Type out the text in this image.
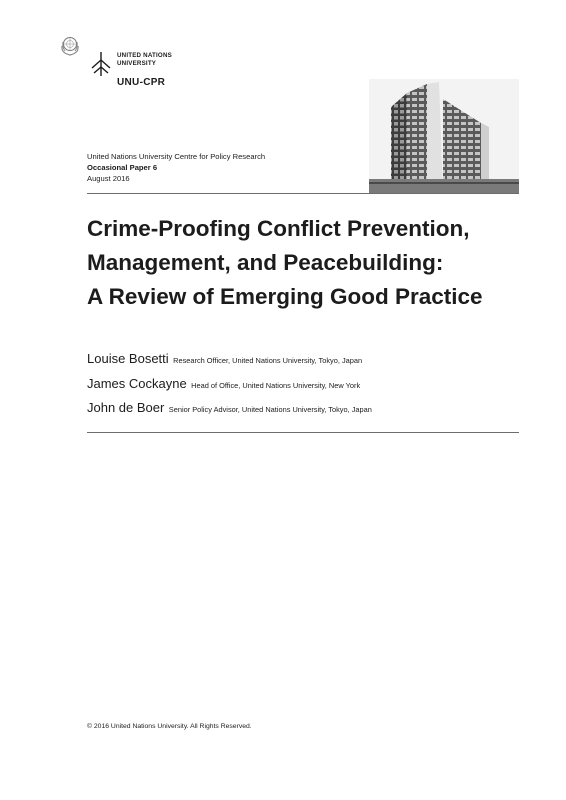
UNITED NATIONS
UNIVERSITY
UNU-CPR
United Nations University Centre for Policy Research
Occasional Paper 6
August 2016
Crime-Proofing Conflict Prevention,
Management, and Peacebuilding:
A Review of Emerging Good Practice
Louise Bosetti Research Officer, United Nations University, Tokyo, Japan
James Cockayne Head of Office, United Nations University, New York
John de Boer Senior Policy Advisor, United Nations University, Tokyo, Japan
© 2016 United Nations University. All Rights Reserved.
